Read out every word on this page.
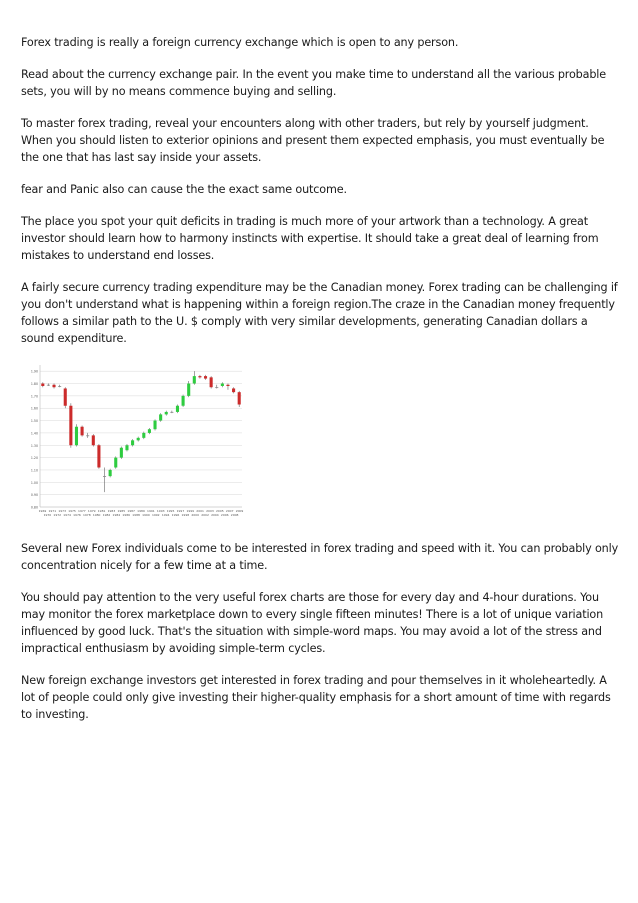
Forex trading is really a foreign currency exchange which is open to any person.

Read about the currency exchange pair. In the event you make time to understand all the various probable sets, you will by no means commence buying and selling.

To master forex trading, reveal your encounters along with other traders, but rely by yourself judgment. When you should listen to exterior opinions and present them expected emphasis, you must eventually be the one that has last say inside your assets.

fear and Panic also can cause the the exact same outcome.

The place you spot your quit deficits in trading is much more of your artwork than a technology. A great investor should learn how to harmony instincts with expertise. It should take a great deal of learning from mistakes to understand end losses.

A fairly secure currency trading expenditure may be the Canadian money. Forex trading can be challenging if you don't understand what is happening within a foreign region.The craze in the Canadian money frequently follows a similar path to the U. $ comply with very similar developments, generating Canadian dollars a sound expenditure.

1.90
1.80
1.70
1.60
1.50
1.40
1.30
1.20
1.10
1.00
0.90
0.80
1969
1970
1971
1972
1973
1974
1975
1976
1977
1978
1979
1980
1981
1982
1983
1984
1985
1986
1987
1988
1989
1990
1991
1992
1993
1994
1995
1996
1997
1998
1999
2000
2001
2002
2003
2004
2005
2006
2007
2008
2009

Several new Forex individuals come to be interested in forex trading and speed with it. You can probably only concentration nicely for a few time at a time.

You should pay attention to the very useful forex charts are those for every day and 4-hour durations. You may monitor the forex marketplace down to every single fifteen minutes! There is a lot of unique variation influenced by good luck. That's the situation with simple-word maps. You may avoid a lot of the stress and impractical enthusiasm by avoiding simple-term cycles.

New foreign exchange investors get interested in forex trading and pour themselves in it wholeheartedly. A lot of people could only give investing their higher-quality emphasis for a short amount of time with regards to investing.
